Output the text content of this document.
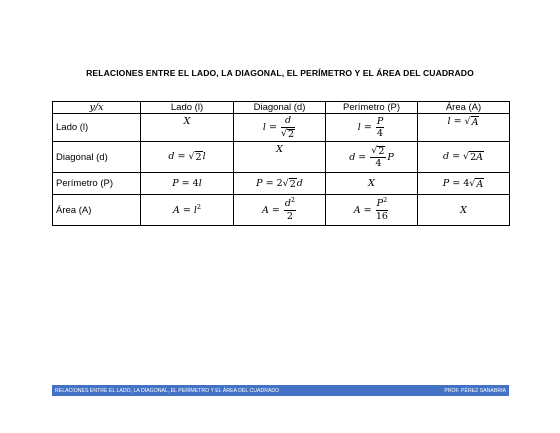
RELACIONES ENTRE EL LADO, LA DIAGONAL, EL PERÍMETRO Y EL ÁREA DEL CUADRADO
y/x	Lado (l)	Diagonal (d)	Perímetro (P)	Área (A)
Lado (l)	X	$l = \frac{d}{√ 2}$	$l = \frac{P}{4}$	l = √ A

Diagonal (d)	d = √ 2 l	X	$d = \frac{√ 2}{4}$ P	d = √ 2A

Perímetro (P)	P = 4l	P = 2 √ 2 d	X	P = 4 √ A

Área (A)	$A = l^2$	$A = \frac{d^2}{2}$	$A = \frac{P^2}{16}$	X
RELACIONES ENTRE EL LADO, LA DIAGONAL, EL PERÍMETRO Y EL ÁREA DEL CUADRADO	PROF. PÉREZ SANABRIA
